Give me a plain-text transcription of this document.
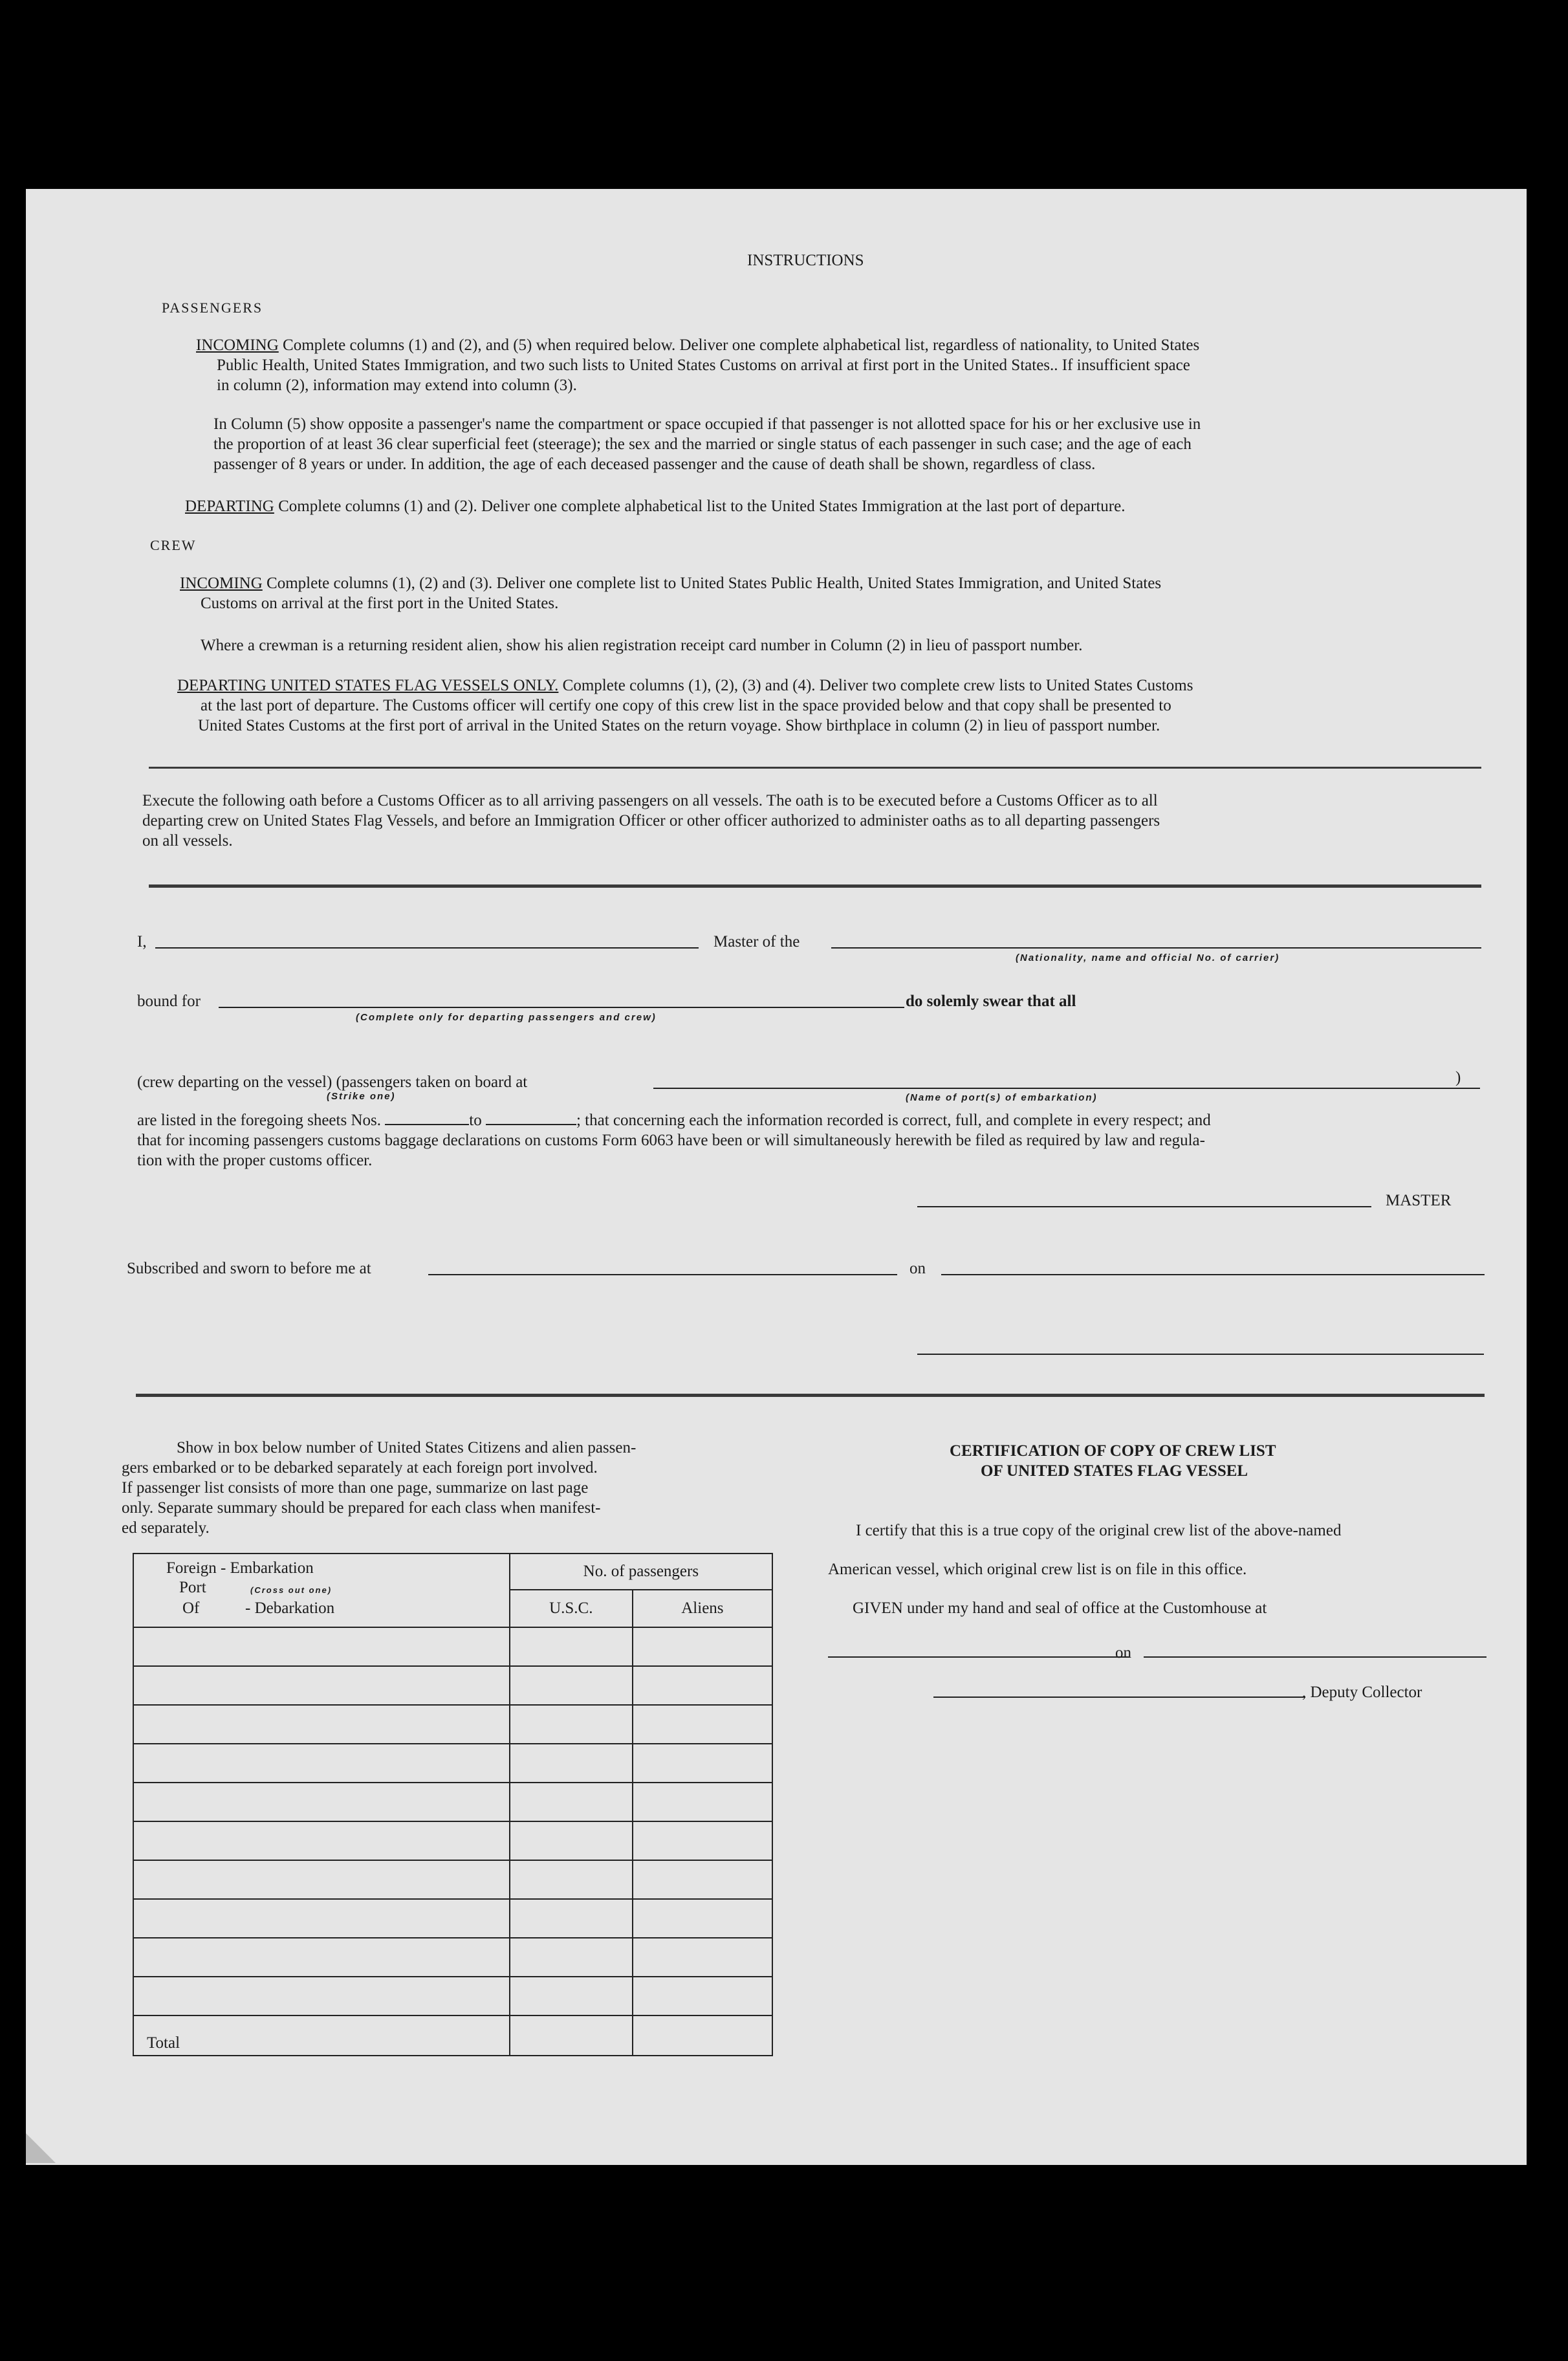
INSTRUCTIONS
PASSENGERS
INCOMING Complete columns (1) and (2), and (5) when required below. Deliver one complete alphabetical list, regardless of nationality, to United States
Public Health, United States Immigration, and two such lists to United States Customs on arrival at first port in the United States.. If insufficient space
in column (2), information may extend into column (3).
In Column (5) show opposite a passenger's name the compartment or space occupied if that passenger is not allotted space for his or her exclusive use in
the proportion of at least 36 clear superficial feet (steerage); the sex and the married or single status of each passenger in such case; and the age of each
passenger of 8 years or under. In addition, the age of each deceased passenger and the cause of death shall be shown, regardless of class.
DEPARTING Complete columns (1) and (2). Deliver one complete alphabetical list to the United States Immigration at the last port of departure.
CREW
INCOMING Complete columns (1), (2) and (3). Deliver one complete list to United States Public Health, United States Immigration, and United States
Customs on arrival at the first port in the United States.
Where a crewman is a returning resident alien, show his alien registration receipt card number in Column (2) in lieu of passport number.
DEPARTING UNITED STATES FLAG VESSELS ONLY. Complete columns (1), (2), (3) and (4). Deliver two complete crew lists to United States Customs
at the last port of departure. The Customs officer will certify one copy of this crew list in the space provided below and that copy shall be presented to
United States Customs at the first port of arrival in the United States on the return voyage. Show birthplace in column (2) in lieu of passport number.
Execute the following oath before a Customs Officer as to all arriving passengers on all vessels. The oath is to be executed before a Customs Officer as to all
departing crew on United States Flag Vessels, and before an Immigration Officer or other officer authorized to administer oaths as to all departing passengers
on all vessels.
I,	Master of the
(Nationality, name and official No. of carrier)
bound for
(Complete only for departing passengers and crew)
do solemly swear that all
(crew departing on the vessel) (passengers taken on board at
(Strike one)
)
(Name of port(s) of embarkation)
are listed in the foregoing sheets Nos.	to	; that concerning each the information recorded is correct, full, and complete in every respect; and
that for incoming passengers customs baggage declarations on customs Form 6063 have been or will simultaneously herewith be filed as required by law and regula-
tion with the proper customs officer.
MASTER
Subscribed and sworn to before me at	on
Show in box below number of United States Citizens and alien passen-
gers embarked or to be debarked separately at each foreign port involved.
If passenger list consists of more than one page, summarize on last page
only. Separate summary should be prepared for each class when manifest-
ed separately.
Foreign - Embarkation
Port (Cross out one)
Of - Debarkation	No. of passengers	
	U.S.C.	Aliens

Total		
CERTIFICATION OF COPY OF CREW LIST
OF UNITED STATES FLAG VESSEL
I certify that this is a true copy of the original crew list of the above-named
American vessel, which original crew list is on file in this office.
GIVEN under my hand and seal of office at the Customhouse at
on
, Deputy Collector
